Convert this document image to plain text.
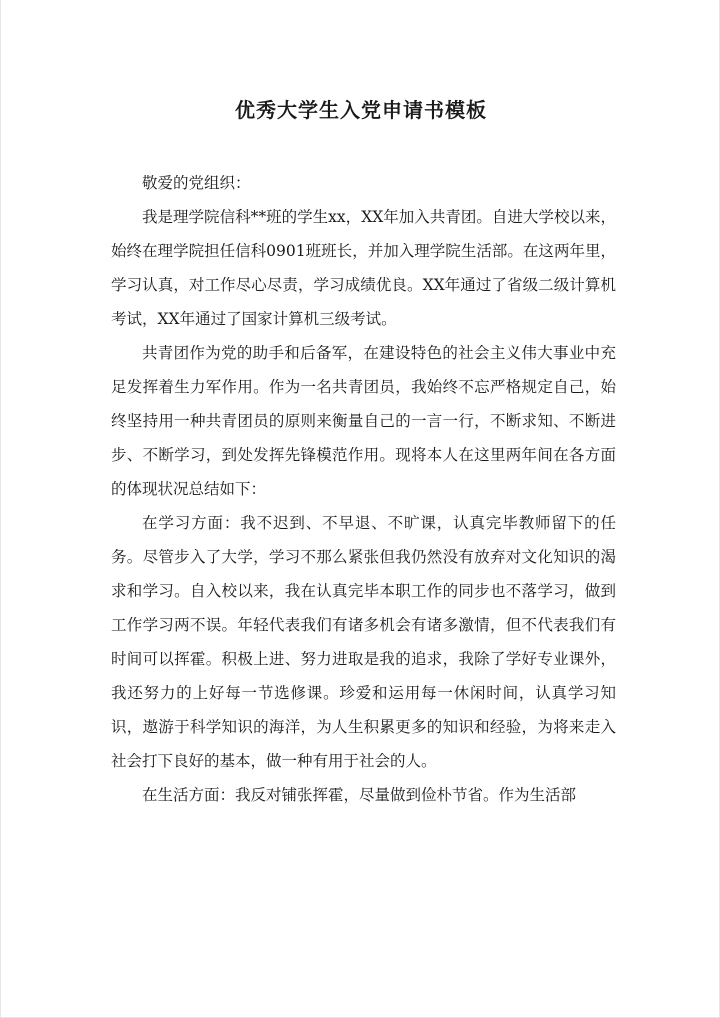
优秀大学生入党申请书模板

敬爱的党组织：

我是理学院信科**班的学生xx，XX年加入共青团。自进大学校以来，始终在理学院担任信科0901班班长，并加入理学院生活部。在这两年里，学习认真，对工作尽心尽责，学习成绩优良。XX年通过了省级二级计算机考试，XX年通过了国家计算机三级考试。

共青团作为党的助手和后备军，在建设特色的社会主义伟大事业中充足发挥着生力军作用。作为一名共青团员，我始终不忘严格规定自己，始终坚持用一种共青团员的原则来衡量自己的一言一行，不断求知、不断进步、不断学习，到处发挥先锋模范作用。现将本人在这里两年间在各方面的体现状况总结如下：

在学习方面：我不迟到、不早退、不旷课，认真完毕教师留下的任务。尽管步入了大学，学习不那么紧张但我仍然没有放弃对文化知识的渴求和学习。自入校以来，我在认真完毕本职工作的同步也不落学习，做到工作学习两不误。年轻代表我们有诸多机会有诸多激情，但不代表我们有时间可以挥霍。积极上进、努力进取是我的追求，我除了学好专业课外，我还努力的上好每一节选修课。珍爱和运用每一休闲时间，认真学习知识，遨游于科学知识的海洋，为人生积累更多的知识和经验，为将来走入社会打下良好的基本，做一种有用于社会的人。

在生活方面：我反对铺张挥霍，尽量做到俭朴节省。作为生活部
